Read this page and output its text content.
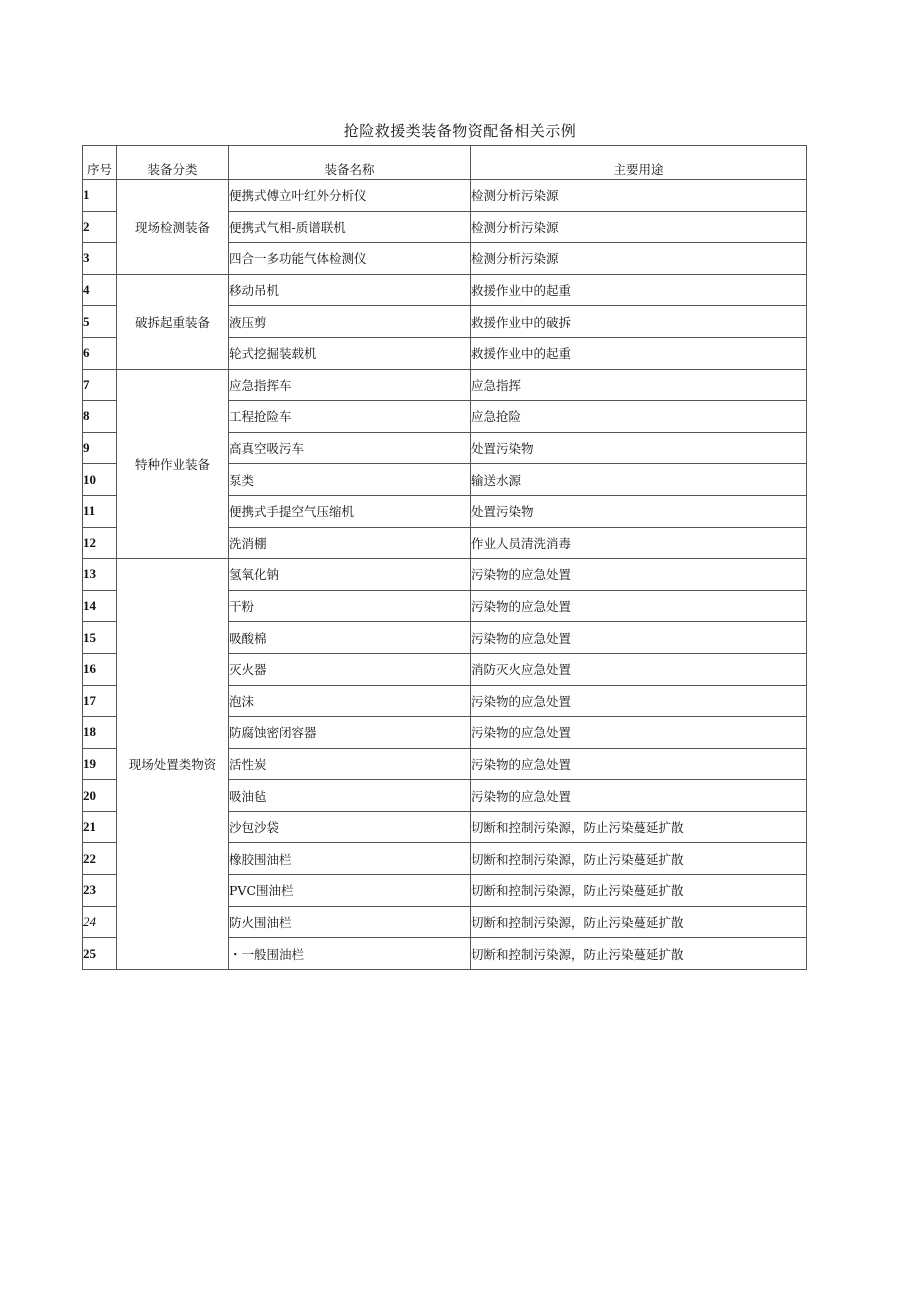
抢险救援类装备物资配备相关示例
序号	装备分类	装备名称	主要用途
1	现场检测装备	便携式傅立叶红外分析仪	检测分析污染源
2		便携式气相-质谱联机	检测分析污染源
3		四合一多功能气体检测仪	检测分析污染源
4	破拆起重装备	移动吊机	救援作业中的起重
5		液压剪	救援作业中的破拆
6		轮式挖掘装载机	救援作业中的起重
7	特种作业装备	应急指挥车	应急指挥
8		工程抢险车	应急抢险
9		高真空吸污车	处置污染物
10		泵类	输送水源
11		便携式手提空气压缩机	处置污染物
12		洗消棚	作业人员清洗消毒
13	现场处置类物资	氢氧化钠	污染物的应急处置
14		干粉	污染物的应急处置
15		吸酸棉	污染物的应急处置
16		灭火器	消防灭火应急处置
17		泡沫	污染物的应急处置
18		防腐蚀密闭容器	污染物的应急处置
19		活性炭	污染物的应急处置
20		吸油毡	污染物的应急处置
21		沙包沙袋	切断和控制污染源，防止污染蔓延扩散
22		橡胶围油栏	切断和控制污染源，防止污染蔓延扩散
23		PVC围油栏	切断和控制污染源，防止污染蔓延扩散
24		防火围油栏	切断和控制污染源，防止污染蔓延扩散
25		・一般围油栏	切断和控制污染源，防止污染蔓延扩散
